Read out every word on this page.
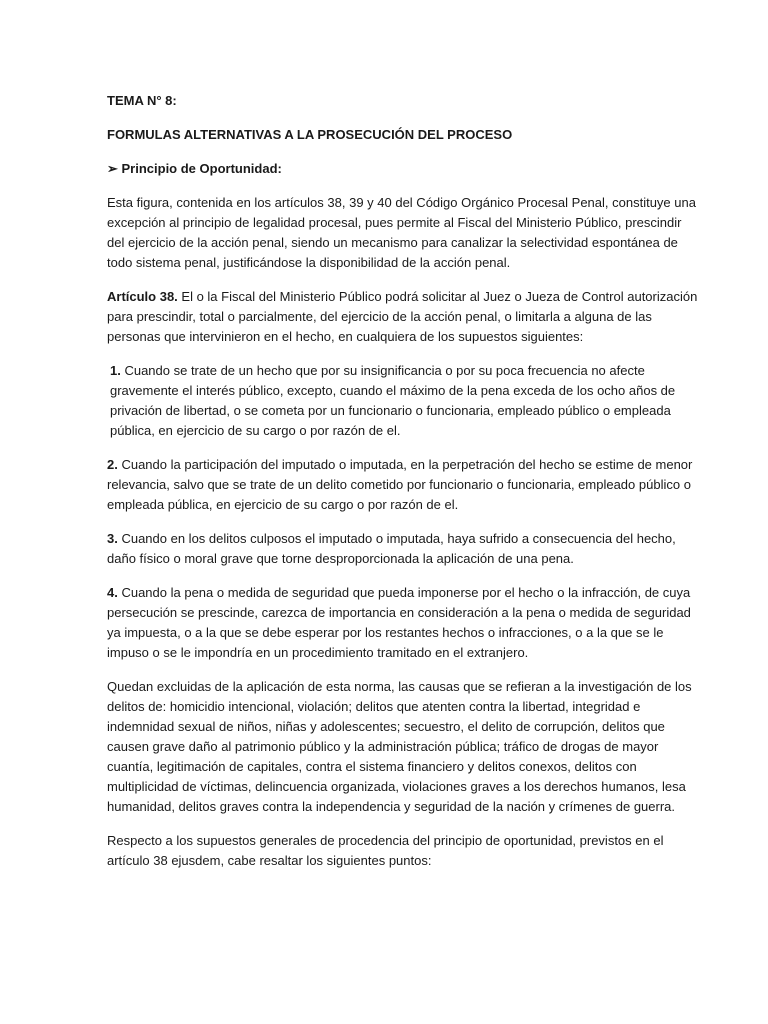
TEMA N° 8:

FORMULAS ALTERNATIVAS A LA PROSECUCIÓN DEL PROCESO

➢ Principio de Oportunidad:

Esta figura, contenida en los artículos 38, 39 y 40 del Código Orgánico Procesal Penal, constituye una excepción al principio de legalidad procesal, pues permite al Fiscal del Ministerio Público, prescindir del ejercicio de la acción penal, siendo un mecanismo para canalizar la selectividad espontánea de todo sistema penal, justificándose la disponibilidad de la acción penal.

Artículo 38. El o la Fiscal del Ministerio Público podrá solicitar al Juez o Jueza de Control autorización para prescindir, total o parcialmente, del ejercicio de la acción penal, o limitarla a alguna de las personas que intervinieron en el hecho, en cualquiera de los supuestos siguientes:

1. Cuando se trate de un hecho que por su insignificancia o por su poca frecuencia no afecte gravemente el interés público, excepto, cuando el máximo de la pena exceda de los ocho años de privación de libertad, o se cometa por un funcionario o funcionaria, empleado público o empleada pública, en ejercicio de su cargo o por razón de el.

2. Cuando la participación del imputado o imputada, en la perpetración del hecho se estime de menor relevancia, salvo que se trate de un delito cometido por funcionario o funcionaria, empleado público o empleada pública, en ejercicio de su cargo o por razón de el.

3. Cuando en los delitos culposos el imputado o imputada, haya sufrido a consecuencia del hecho, daño físico o moral grave que torne desproporcionada la aplicación de una pena.

4. Cuando la pena o medida de seguridad que pueda imponerse por el hecho o la infracción, de cuya persecución se prescinde, carezca de importancia en consideración a la pena o medida de seguridad ya impuesta, o a la que se debe esperar por los restantes hechos o infracciones, o a la que se le impuso o se le impondría en un procedimiento tramitado en el extranjero.

Quedan excluidas de la aplicación de esta norma, las causas que se refieran a la investigación de los delitos de: homicidio intencional, violación; delitos que atenten contra la libertad, integridad e indemnidad sexual de niños, niñas y adolescentes; secuestro, el delito de corrupción, delitos que causen grave daño al patrimonio público y la administración pública; tráfico de drogas de mayor cuantía, legitimación de capitales, contra el sistema financiero y delitos conexos, delitos con multiplicidad de víctimas, delincuencia organizada, violaciones graves a los derechos humanos, lesa humanidad, delitos graves contra la independencia y seguridad de la nación y crímenes de guerra.

Respecto a los supuestos generales de procedencia del principio de oportunidad, previstos en el artículo 38 ejusdem, cabe resaltar los siguientes puntos:
